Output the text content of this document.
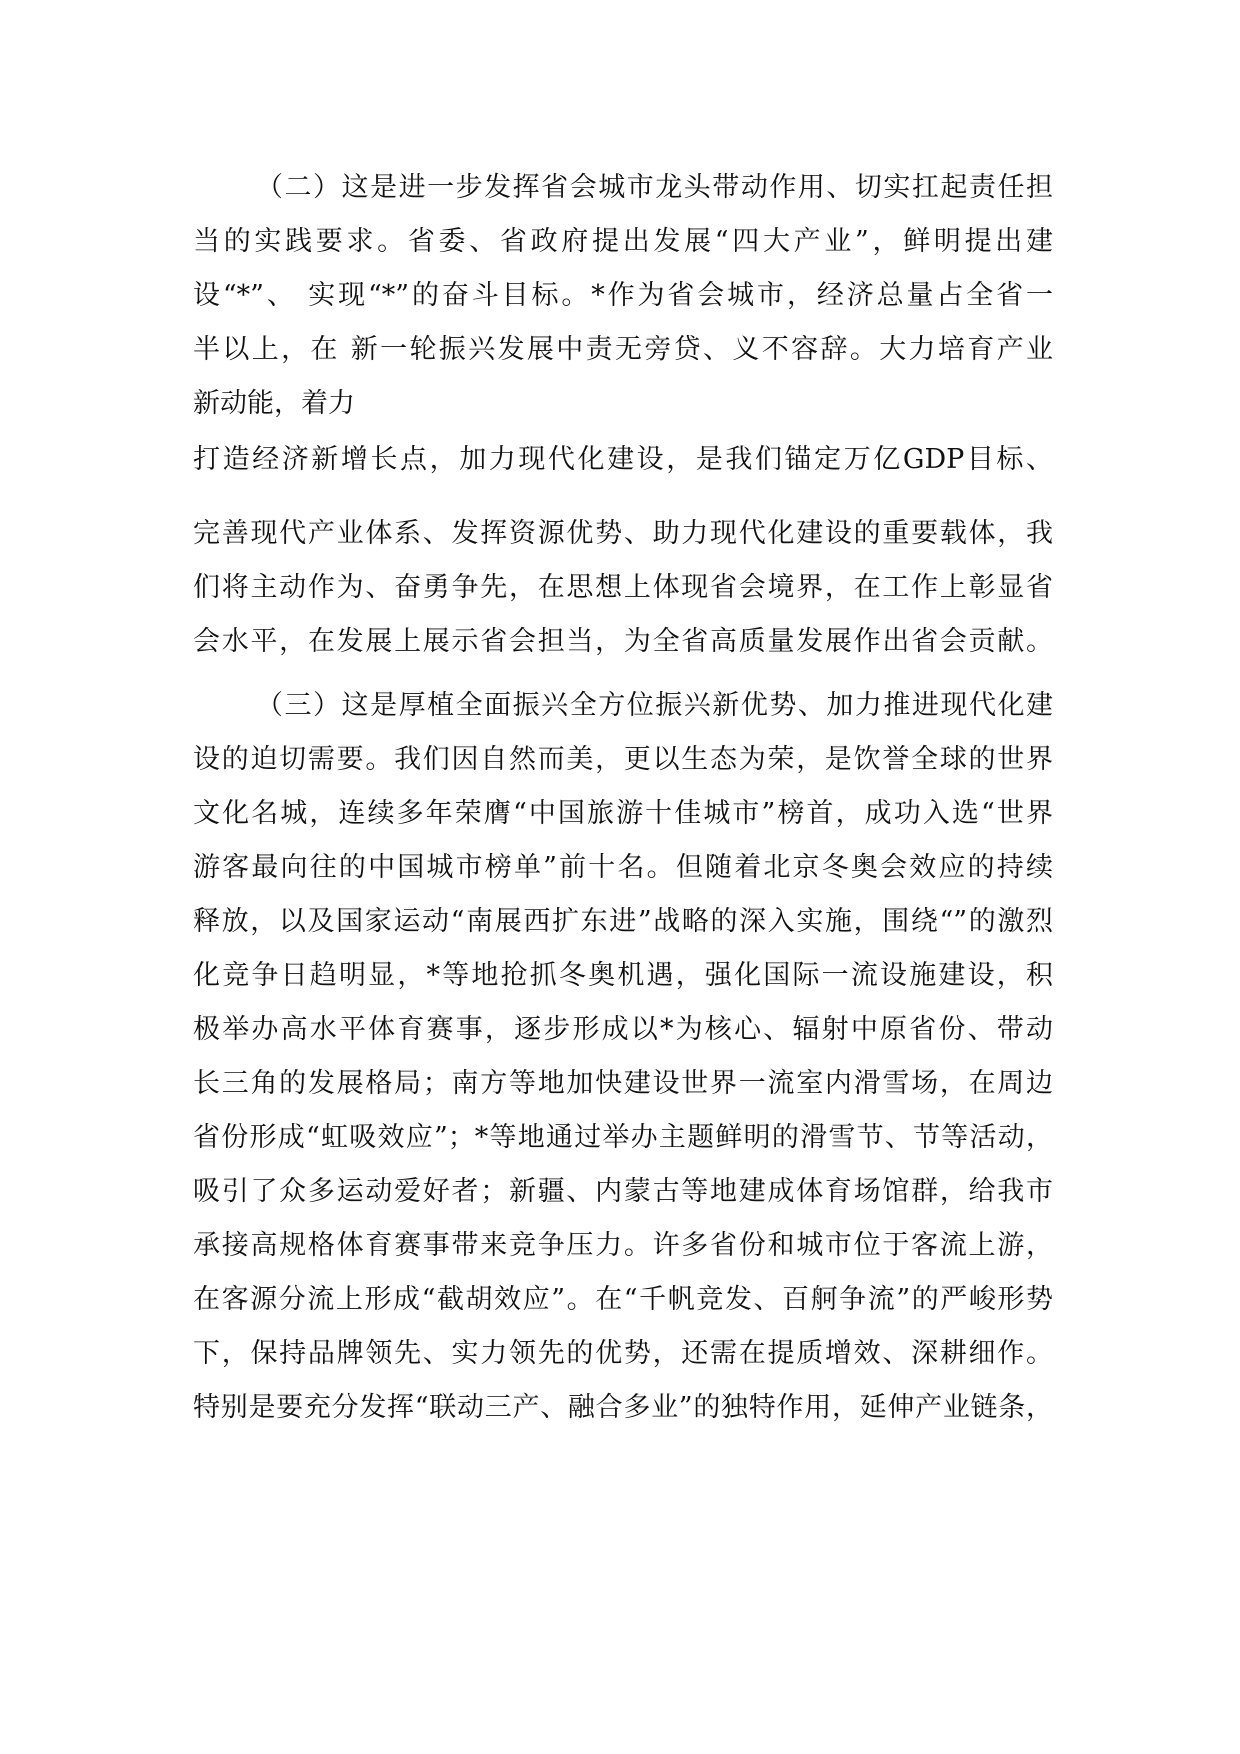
（二）这是进一步发挥省会城市龙头带动作用、切实扛起责任担
当的实践要求。省委、省政府提出发展“四大产业”，鲜明提出建
设“*”、 实现“*”的奋斗目标。*作为省会城市，经济总量占全省一
半以上，在 新一轮振兴发展中责无旁贷、义不容辞。大力培育产业
新动能，着力
打造经济新增长点，加力现代化建设，是我们锚定万亿GDP目标、
完善现代产业体系、发挥资源优势、助力现代化建设的重要载体，我
们将主动作为、奋勇争先，在思想上体现省会境界，在工作上彰显省
会水平，在发展上展示省会担当，为全省高质量发展作出省会贡献。
（三）这是厚植全面振兴全方位振兴新优势、加力推进现代化建
设的迫切需要。我们因自然而美，更以生态为荣，是饮誉全球的世界
文化名城，连续多年荣膺“中国旅游十佳城市”榜首，成功入选“世界
游客最向往的中国城市榜单”前十名。但随着北京冬奥会效应的持续
释放，以及国家运动“南展西扩东进”战略的深入实施，围绕“”的激烈
化竞争日趋明显，*等地抢抓冬奥机遇，强化国际一流设施建设，积
极举办高水平体育赛事，逐步形成以*为核心、辐射中原省份、带动
长三角的发展格局；南方等地加快建设世界一流室内滑雪场，在周边
省份形成“虹吸效应”；*等地通过举办主题鲜明的滑雪节、节等活动，
吸引了众多运动爱好者；新疆、内蒙古等地建成体育场馆群，给我市
承接高规格体育赛事带来竞争压力。许多省份和城市位于客流上游，
在客源分流上形成“截胡效应”。在“千帆竞发、百舸争流”的严峻形势
下，保持品牌领先、实力领先的优势，还需在提质增效、深耕细作。
特别是要充分发挥“联动三产、融合多业”的独特作用，延伸产业链条，
